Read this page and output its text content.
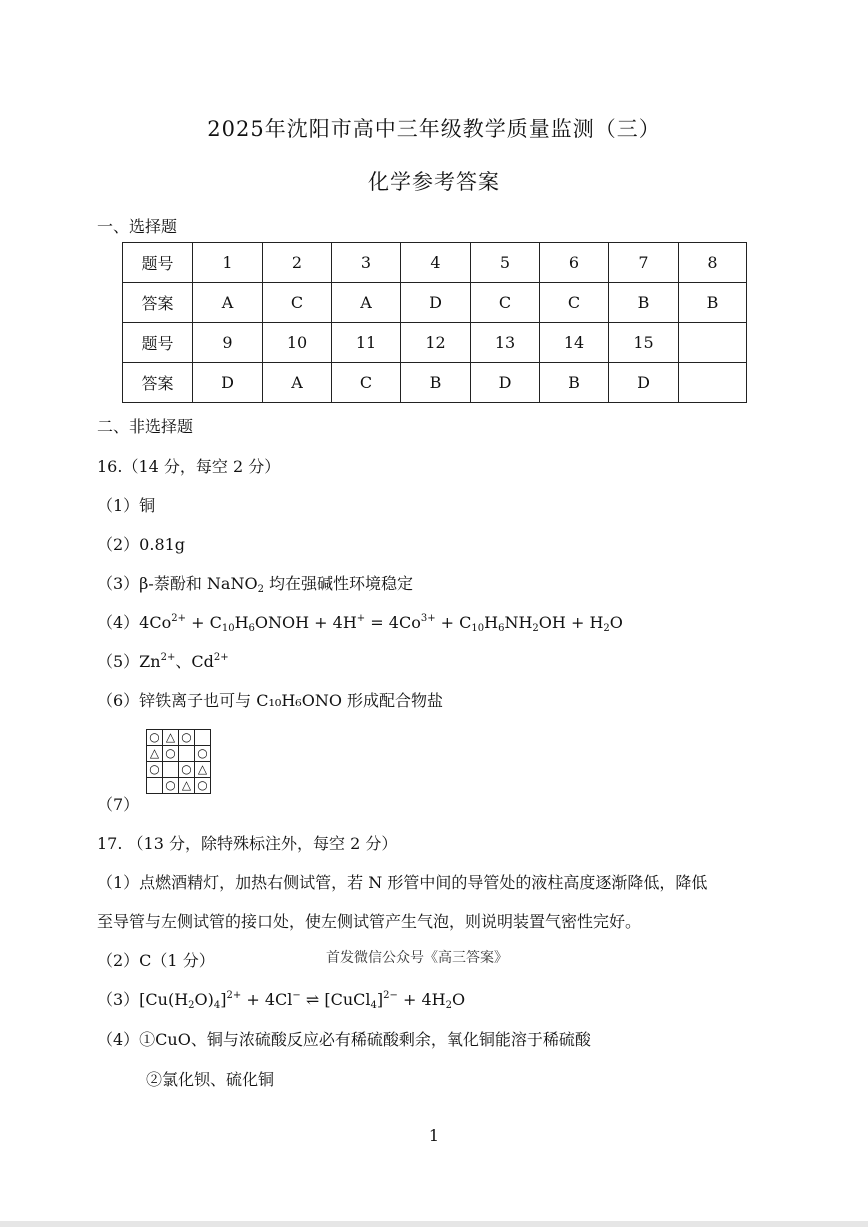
2025年沈阳市高中三年级教学质量监测（三）
化学参考答案
一、选择题
题号	1	2	3	4	5	6	7	8
答案	A	C	A	D	C	C	B	B
题号	9	10	11	12	13	14	15	
答案	D	A	C	B	D	B	D	
二、非选择题
16.（14 分，每空 2 分）
（1）铜
（2）0.81g
（3）β-萘酚和 NaNO$_2$ 均在强碱性环境稳定
$(4)4Co^{2+}$ + $C_{10}H_6ONOH + 4H^+ = 4Co^{3+} + C_{10}H_6NH_2OH + H_2O$
$(5)Zn^{2+}$、$Cd^{2+}$
（6）锌铁离子也可与 C₁₀H₆ONO 形成配合物盐
○	△	○	
△	○		○
○		○	△
	○	△	○
（7）
17. （13 分，除特殊标注外，每空 2 分）
（1）点燃酒精灯，加热右侧试管，若 N 形管中间的导管处的液柱高度逐渐降低，降低
至导管与左侧试管的接口处，使左侧试管产生气泡，则说明装置气密性完好。
（2）C（1 分）	首发微信公众号《高三答案》
$(3)[Cu(H_2O)_4]^{2+} + 4Cl^-$ ⇌ [CuCl$_4$]$^{2-}$ + $4H_2O$
（4）①CuO、铜与浓硫酸反应必有稀硫酸剩余，氧化铜能溶于稀硫酸
②氯化钡、硫化铜
1
